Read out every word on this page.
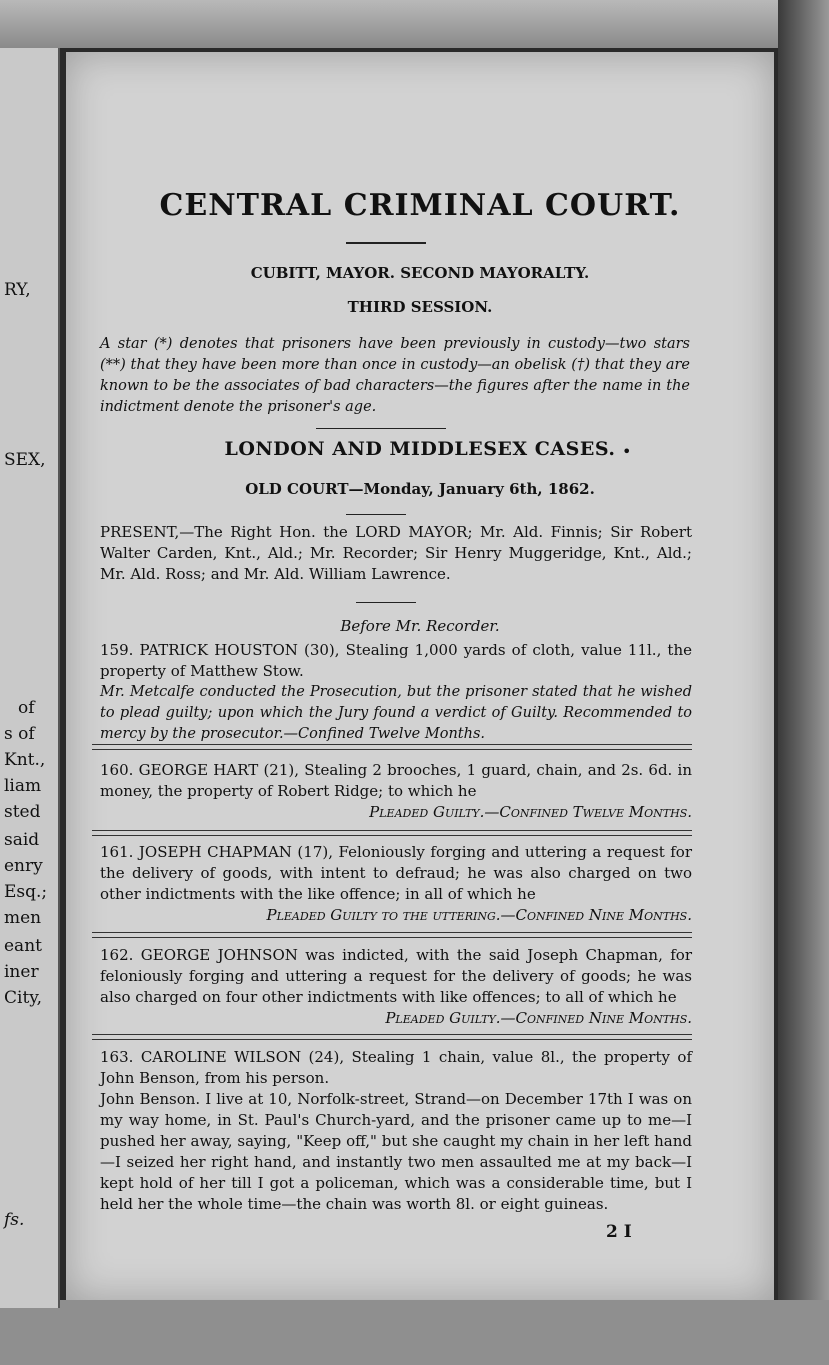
RY,
SEX,
of
s of
Knt.,
liam
sted
said
enry
Esq.;
men
eant
iner
City,
fs.
CENTRAL CRIMINAL COURT.
CUBITT, MAYOR. SECOND MAYORALTY.
THIRD SESSION.
A star (*) denotes that prisoners have been previously in custody—two stars (**) that they have been more than once in custody—an obelisk (†) that they are known to be the associates of bad characters—the figures after the name in the indictment denote the prisoner's age.
LONDON AND MIDDLESEX CASES. •
OLD COURT—Monday, January 6th, 1862.
PRESENT,—The Right Hon. the LORD MAYOR; Mr. Ald. Finnis; Sir Robert Walter Carden, Knt., Ald.; Mr. Recorder; Sir Henry Muggeridge, Knt., Ald.; Mr. Ald. Ross; and Mr. Ald. William Lawrence.
Before Mr. Recorder.
159. PATRICK HOUSTON (30), Stealing 1,000 yards of cloth, value 11l., the property of Matthew Stow.
Mr. Metcalfe conducted the Prosecution, but the prisoner stated that he wished to plead guilty; upon which the Jury found a verdict of Guilty. Recommended to mercy by the prosecutor.—Confined Twelve Months.
160. GEORGE HART (21), Stealing 2 brooches, 1 guard, chain, and 2s. 6d. in money, the property of Robert Ridge; to which he
Pleaded Guilty.—Confined Twelve Months.
161. JOSEPH CHAPMAN (17), Feloniously forging and uttering a request for the delivery of goods, with intent to defraud; he was also charged on two other indictments with the like offence; in all of which he
Pleaded Guilty to the uttering.—Confined Nine Months.
162. GEORGE JOHNSON was indicted, with the said Joseph Chapman, for feloniously forging and uttering a request for the delivery of goods; he was also charged on four other indictments with like offences; to all of which he
Pleaded Guilty.—Confined Nine Months.
163. CAROLINE WILSON (24), Stealing 1 chain, value 8l., the property of John Benson, from his person.
John Benson. I live at 10, Norfolk-street, Strand—on December 17th I was on my way home, in St. Paul's Church-yard, and the prisoner came up to me—I pushed her away, saying, "Keep off," but she caught my chain in her left hand—I seized her right hand, and instantly two men assaulted me at my back—I kept hold of her till I got a policeman, which was a considerable time, but I held her the whole time—the chain was worth 8l. or eight guineas.
2 I
